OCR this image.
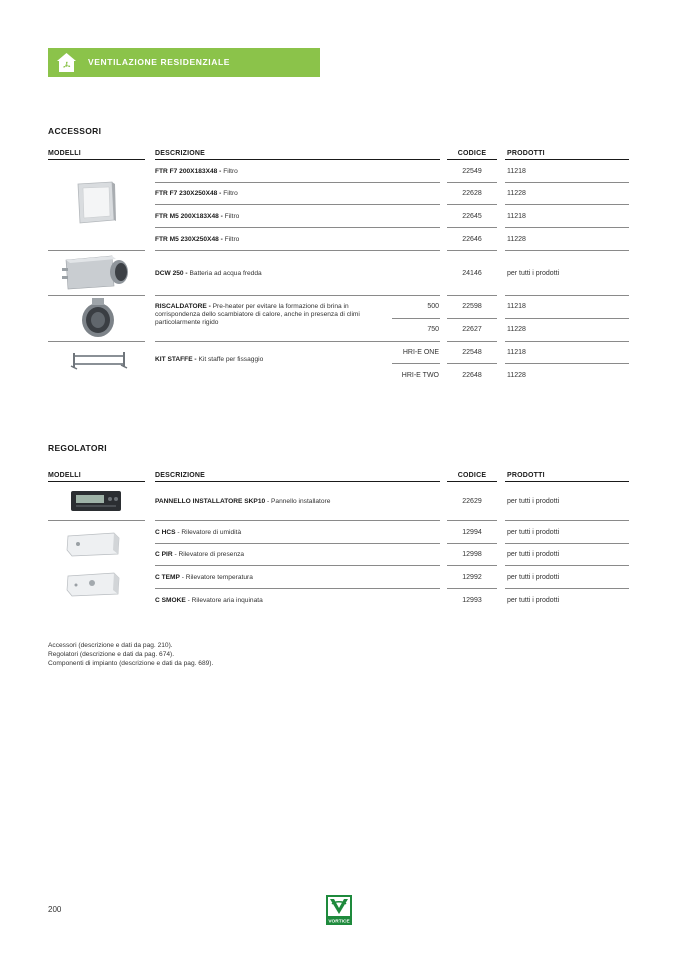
VENTILAZIONE RESIDENZIALE
ACCESSORI
MODELLI	DESCRIZIONE	CODICE	PRODOTTI
FTR F7 200X183X48 - Filtro	22549	11218
FTR F7 230X250X48 - Filtro	22628	11228
FTR M5 200X183X48 - Filtro	22645	11218
FTR M5 230X250X48 - Filtro	22646	11228
DCW 250 - Batteria ad acqua fredda	24146	per tutti i prodotti
RISCALDATORE - Pre-heater per evitare la formazione di brina in corrispondenza dello scambiatore di calore, anche in presenza di climi particolarmente rigido
500	22598	11218
750	22627	11228
KIT STAFFE - Kit staffe per fissaggio
HRI-E ONE	22548	11218
HRI-E TWO	22648	11228
REGOLATORI
MODELLI	DESCRIZIONE	CODICE	PRODOTTI
PANNELLO INSTALLATORE SKP10 - Pannello installatore	22629	per tutti i prodotti
C HCS - Rilevatore di umidità	12994	per tutti i prodotti
C PIR - Rilevatore di presenza	12998	per tutti i prodotti
C TEMP - Rilevatore temperatura	12992	per tutti i prodotti
C SMOKE - Rilevatore aria inquinata	12993	per tutti i prodotti
Accessori (descrizione e dati da pag. 210).
Regolatori (descrizione e dati da pag. 674).
Componenti di impianto (descrizione e dati da pag. 689).
200
VORTICE
